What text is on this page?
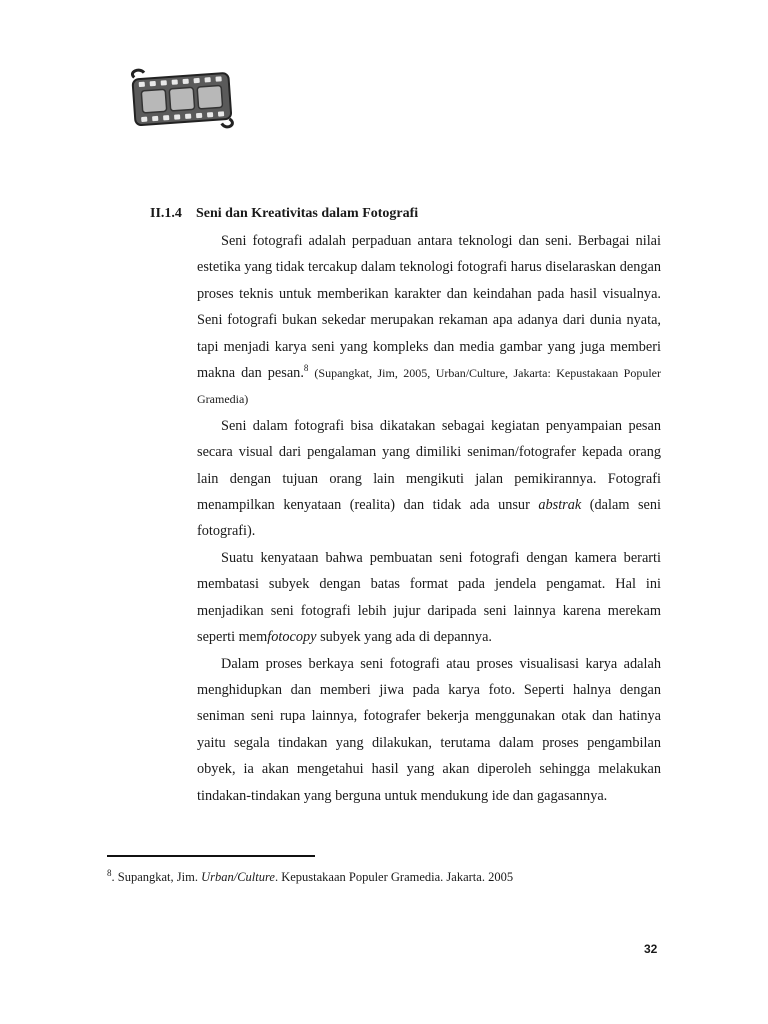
II.1.4 Seni dan Kreativitas dalam Fotografi

Seni fotografi adalah perpaduan antara teknologi dan seni. Berbagai nilai estetika yang tidak tercakup dalam teknologi fotografi harus diselaraskan dengan proses teknis untuk memberikan karakter dan keindahan pada hasil visualnya. Seni fotografi bukan sekedar merupakan rekaman apa adanya dari dunia nyata, tapi menjadi karya seni yang kompleks dan media gambar yang juga memberi makna dan pesan.$^8$ (Supangkat, Jim, 2005, Urban/Culture, Jakarta: Kepustakaan Populer Gramedia)

Seni dalam fotografi bisa dikatakan sebagai kegiatan penyampaian pesan secara visual dari pengalaman yang dimiliki seniman/fotografer kepada orang lain dengan tujuan orang lain mengikuti jalan pemikirannya. Fotografi menampilkan kenyataan (realita) dan tidak ada unsur abstrak (dalam seni fotografi).

Suatu kenyataan bahwa pembuatan seni fotografi dengan kamera berarti membatasi subyek dengan batas format pada jendela pengamat. Hal ini menjadikan seni fotografi lebih jujur daripada seni lainnya karena merekam seperti memfotocopy subyek yang ada di depannya.

Dalam proses berkaya seni fotografi atau proses visualisasi karya adalah menghidupkan dan memberi jiwa pada karya foto. Seperti halnya dengan seniman seni rupa lainnya, fotografer bekerja menggunakan otak dan hatinya yaitu segala tindakan yang dilakukan, terutama dalam proses pengambilan obyek, ia akan mengetahui hasil yang akan diperoleh sehingga melakukan tindakan-tindakan yang berguna untuk mendukung ide dan gagasannya.

$^8$. Supangkat, Jim. Urban/Culture. Kepustakaan Populer Gramedia. Jakarta. 2005
32
